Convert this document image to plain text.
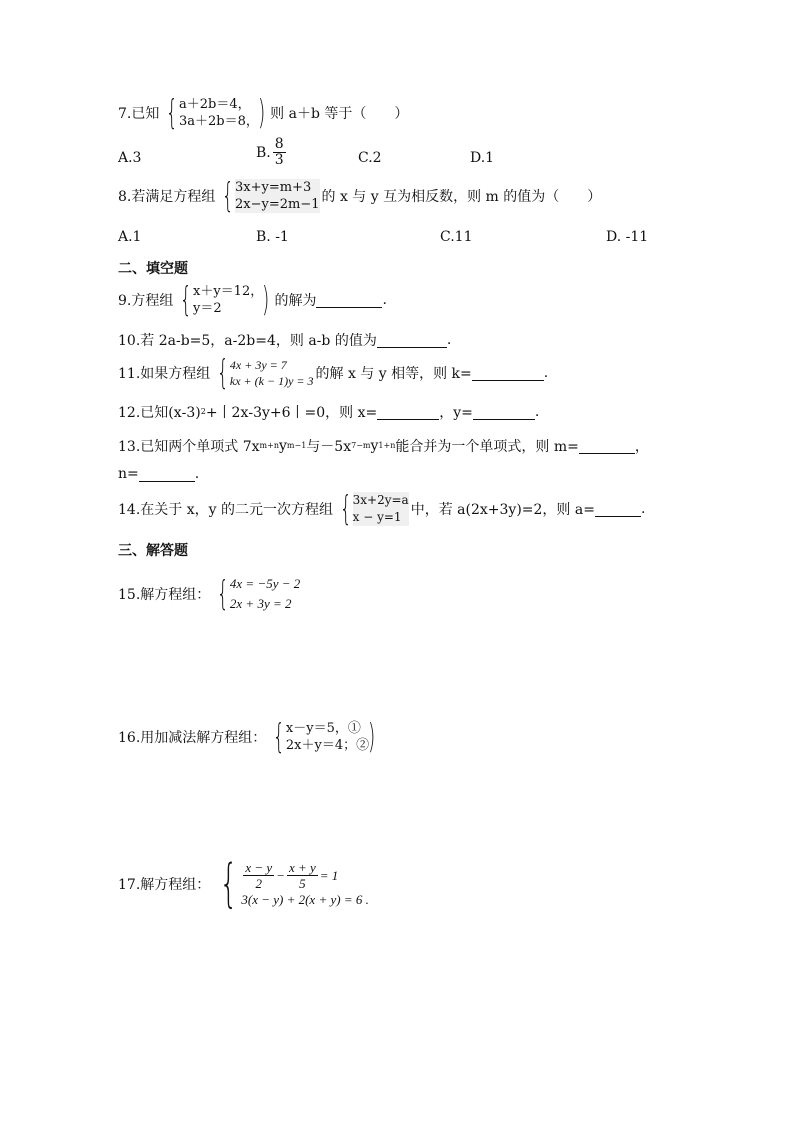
7.已知 { a＋2b＝4，
3a＋2b＝8，
) 则 a＋b 等于（　　）
A.3	B. $\frac{8}{3}$	C.2	D.1
8.若满足方程组 { 3x+y=m+3
2x−y=2m−1 的 x 与 y 互为相反数，则 m 的值为（　　）
A.1	B. ‐1	C.11	D. ‐11
二、填空题
9.方程组 { x＋y＝12，
y＝2	) 的解为	.
10.若 2a‐b=5，a‐2b=4，则 a‐b 的值为	.
11.如果方程组 { 4x + 3y = 7
kx + (k − 1)y = 3 的解 x 与 y 相等，则 k=	.
12.已知(x‐3) 2 +丨2x‐3y+6丨=0，则 x=	，y=	.
13.已知两个单项式 7x m+n y m−1 与－5x 7−m y 1+n 能合并为一个单项式，则 m=	，
n=	.
14.在关于 x，y 的二元一次方程组 { 3x+2y=a
x − y=1 中，若 a(2x+3y)=2，则 a=	.
三、解答题
15.解方程组： { 4x = −5y − 2
2x + 3y = 2
16.用加减法解方程组： { x－y＝5，①
2x＋y＝4；②
)
17.解方程组： { $\frac{x - y}{2} - \frac{x + y}{5} = 1$
3(x − y) + 2(x + y) = 6 .
